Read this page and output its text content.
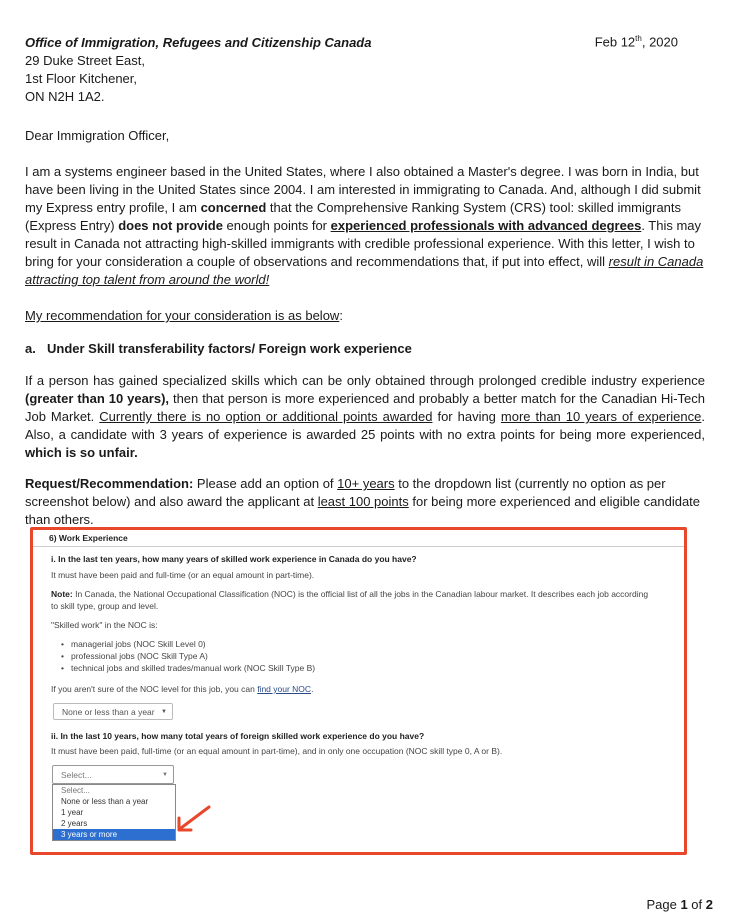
Office of Immigration, Refugees and Citizenship Canada
29 Duke Street East,
1st Floor Kitchener,
ON N2H 1A2.
Feb 12th, 2020
Dear Immigration Officer,
I am a systems engineer based in the United States, where I also obtained a Master's degree. I was born in India, but have been living in the United States since 2004. I am interested in immigrating to Canada. And, although I did submit my Express entry profile, I am concerned that the Comprehensive Ranking System (CRS) tool: skilled immigrants (Express Entry) does not provide enough points for experienced professionals with advanced degrees. This may result in Canada not attracting high-skilled immigrants with credible professional experience. With this letter, I wish to bring for your consideration a couple of observations and recommendations that, if put into effect, will result in Canada attracting top talent from around the world!
My recommendation for your consideration is as below:
a. Under Skill transferability factors/ Foreign work experience
If a person has gained specialized skills which can be only obtained through prolonged credible industry experience (greater than 10 years), then that person is more experienced and probably a better match for the Canadian Hi-Tech Job Market. Currently there is no option or additional points awarded for having more than 10 years of experience. Also, a candidate with 3 years of experience is awarded 25 points with no extra points for being more experienced, which is so unfair.
Request/Recommendation: Please add an option of 10+ years to the dropdown list (currently no option as per screenshot below) and also award the applicant at least 100 points for being more experienced and eligible candidate than others.
6) Work Experience
i. In the last ten years, how many years of skilled work experience in Canada do you have?
It must have been paid and full-time (or an equal amount in part-time).
Note: In Canada, the National Occupational Classification (NOC) is the official list of all the jobs in the Canadian labour market. It describes each job according
to skill type, group and level.
"Skilled work" in the NOC is:
• managerial jobs (NOC Skill Level 0)
• professional jobs (NOC Skill Type A)
• technical jobs and skilled trades/manual work (NOC Skill Type B)
If you aren't sure of the NOC level for this job, you can find your NOC.
None or less than a year ▼
ii. In the last 10 years, how many total years of foreign skilled work experience do you have?
It must have been paid, full-time (or an equal amount in part-time), and in only one occupation (NOC skill type 0, A or B).
Select...	▼
Select...
None or less than a year
1 year
2 years
3 years or more
Page 1 of 2
